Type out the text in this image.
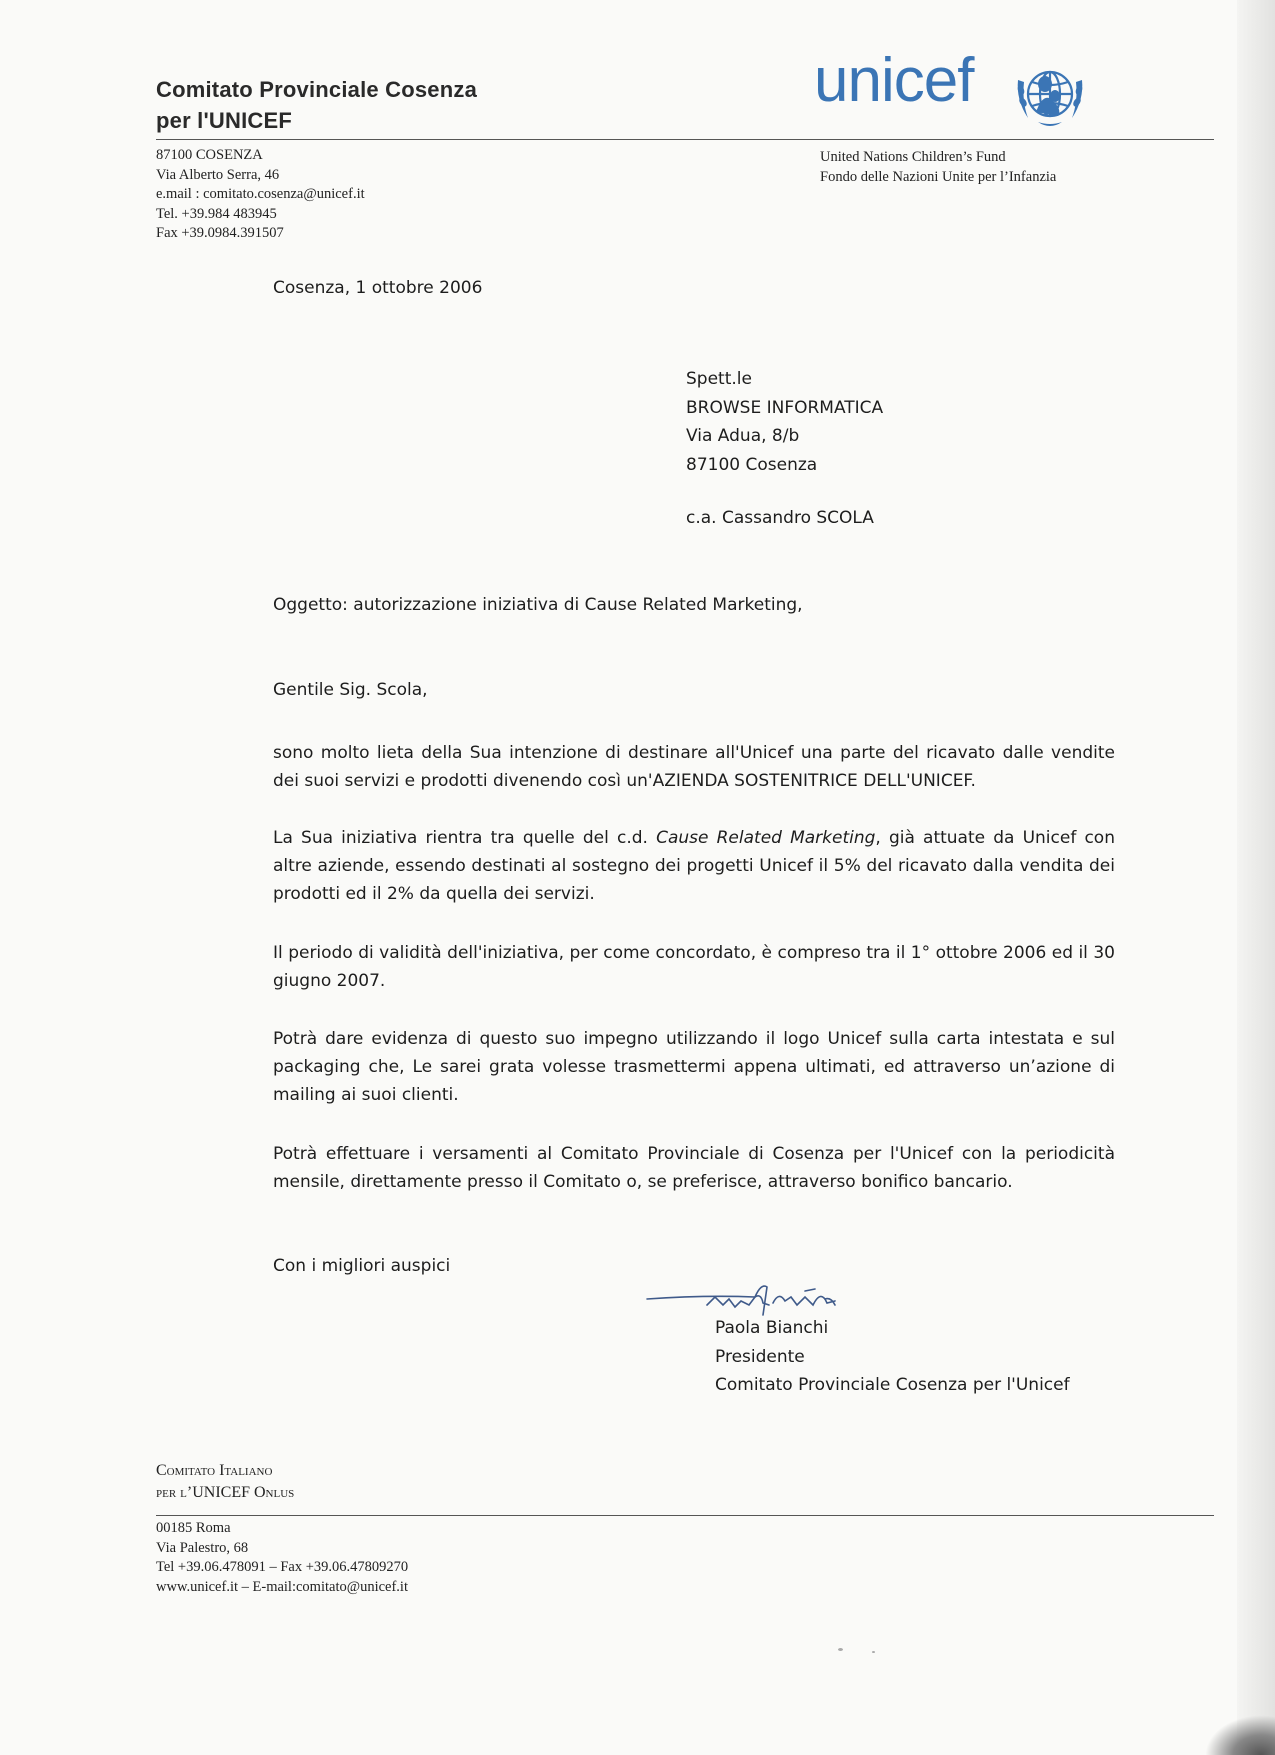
Comitato Provinciale Cosenza
per l'UNICEF
unicef
87100 COSENZA
Via Alberto Serra, 46
e.mail : comitato.cosenza@unicef.it
Tel. +39.984 483945
Fax +39.0984.391507
United Nations Children’s Fund
Fondo delle Nazioni Unite per l’Infanzia
Cosenza, 1 ottobre 2006
Spett.le
BROWSE INFORMATICA
Via Adua, 8/b
87100 Cosenza
c.a. Cassandro SCOLA
Oggetto: autorizzazione iniziativa di Cause Related Marketing,
Gentile Sig. Scola,

sono molto lieta della Sua intenzione di destinare all'Unicef una parte del ricavato dalle vendite dei suoi servizi e prodotti divenendo così un'AZIENDA SOSTENITRICE DELL'UNICEF.

La Sua iniziativa rientra tra quelle del c.d. Cause Related Marketing, già attuate da Unicef con altre aziende, essendo destinati al sostegno dei progetti Unicef il 5% del ricavato dalla vendita dei prodotti ed il 2% da quella dei servizi.

Il periodo di validità dell'iniziativa, per come concordato, è compreso tra il 1° ottobre 2006 ed il 30 giugno 2007.

Potrà dare evidenza di questo suo impegno utilizzando il logo Unicef sulla carta intestata e sul packaging che, Le sarei grata volesse trasmettermi appena ultimati, ed attraverso un’azione di mailing ai suoi clienti.

Potrà effettuare i versamenti al Comitato Provinciale di Cosenza per l'Unicef con la periodicità mensile, direttamente presso il Comitato o, se preferisce, attraverso bonifico bancario.

Con i migliori auspici
Paola Bianchi
Presidente
Comitato Provinciale Cosenza per l'Unicef
Comitato Italiano
per l’UNICEF Onlus
00185 Roma
Via Palestro, 68
Tel +39.06.478091 – Fax +39.06.47809270
www.unicef.it – E-mail:comitato@unicef.it
